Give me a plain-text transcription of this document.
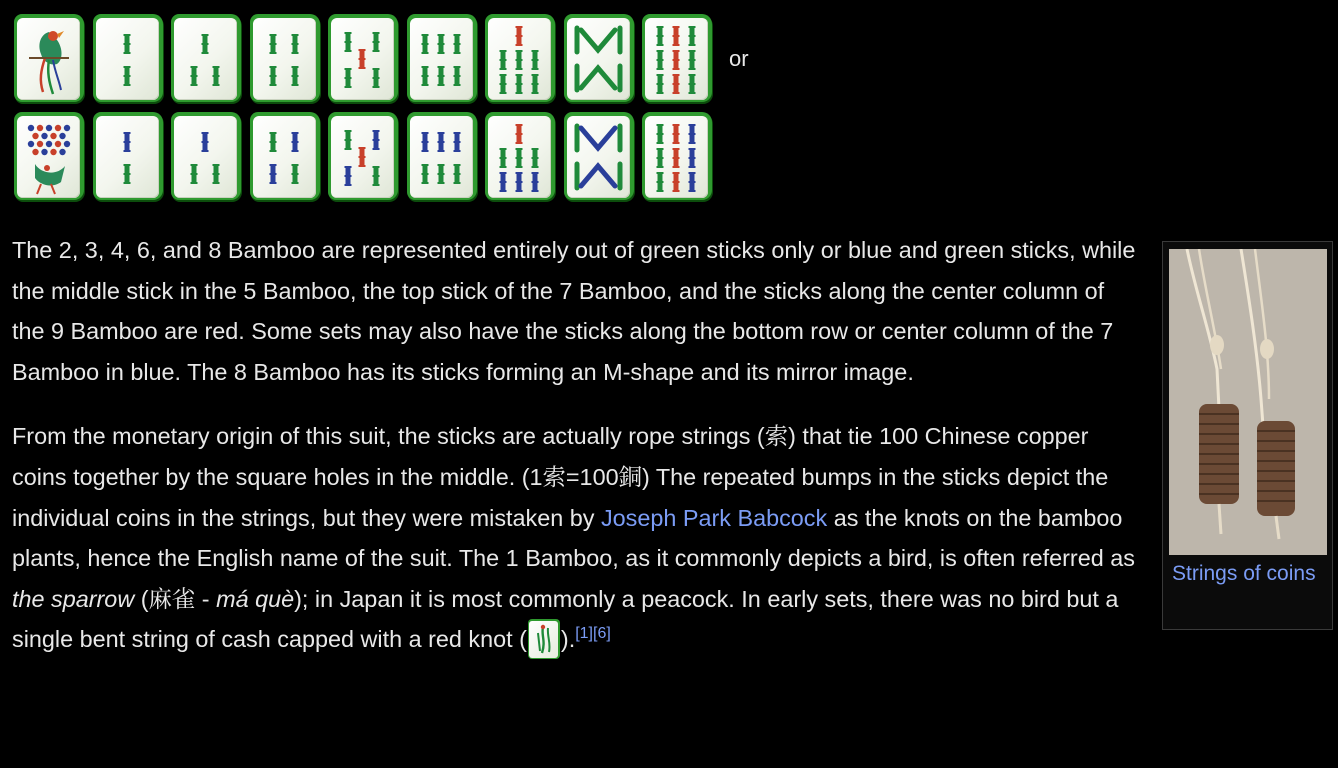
or

The 2, 3, 4, 6, and 8 Bamboo are represented entirely out of green sticks only or blue and green sticks, while the middle stick in the 5 Bamboo, the top stick of the 7 Bamboo, and the sticks along the center column of the 9 Bamboo are red. Some sets may also have the sticks along the bottom row or center column of the 7 Bamboo in blue. The 8 Bamboo has its sticks forming an M-shape and its mirror image.

From the monetary origin of this suit, the sticks are actually rope strings (索) that tie 100 Chinese copper coins together by the square holes in the middle. (1索=100銅) The repeated bumps in the sticks depict the individual coins in the strings, but they were mistaken by Joseph Park Babcock as the knots on the bamboo plants, hence the English name of the suit. The 1 Bamboo, as it commonly depicts a bird, is often referred as the sparrow (麻雀 - má què); in Japan it is most commonly a peacock. In early sets, there was no bird but a single bent string of cash capped with a red knot ( ).[1][6]

Strings of coins
